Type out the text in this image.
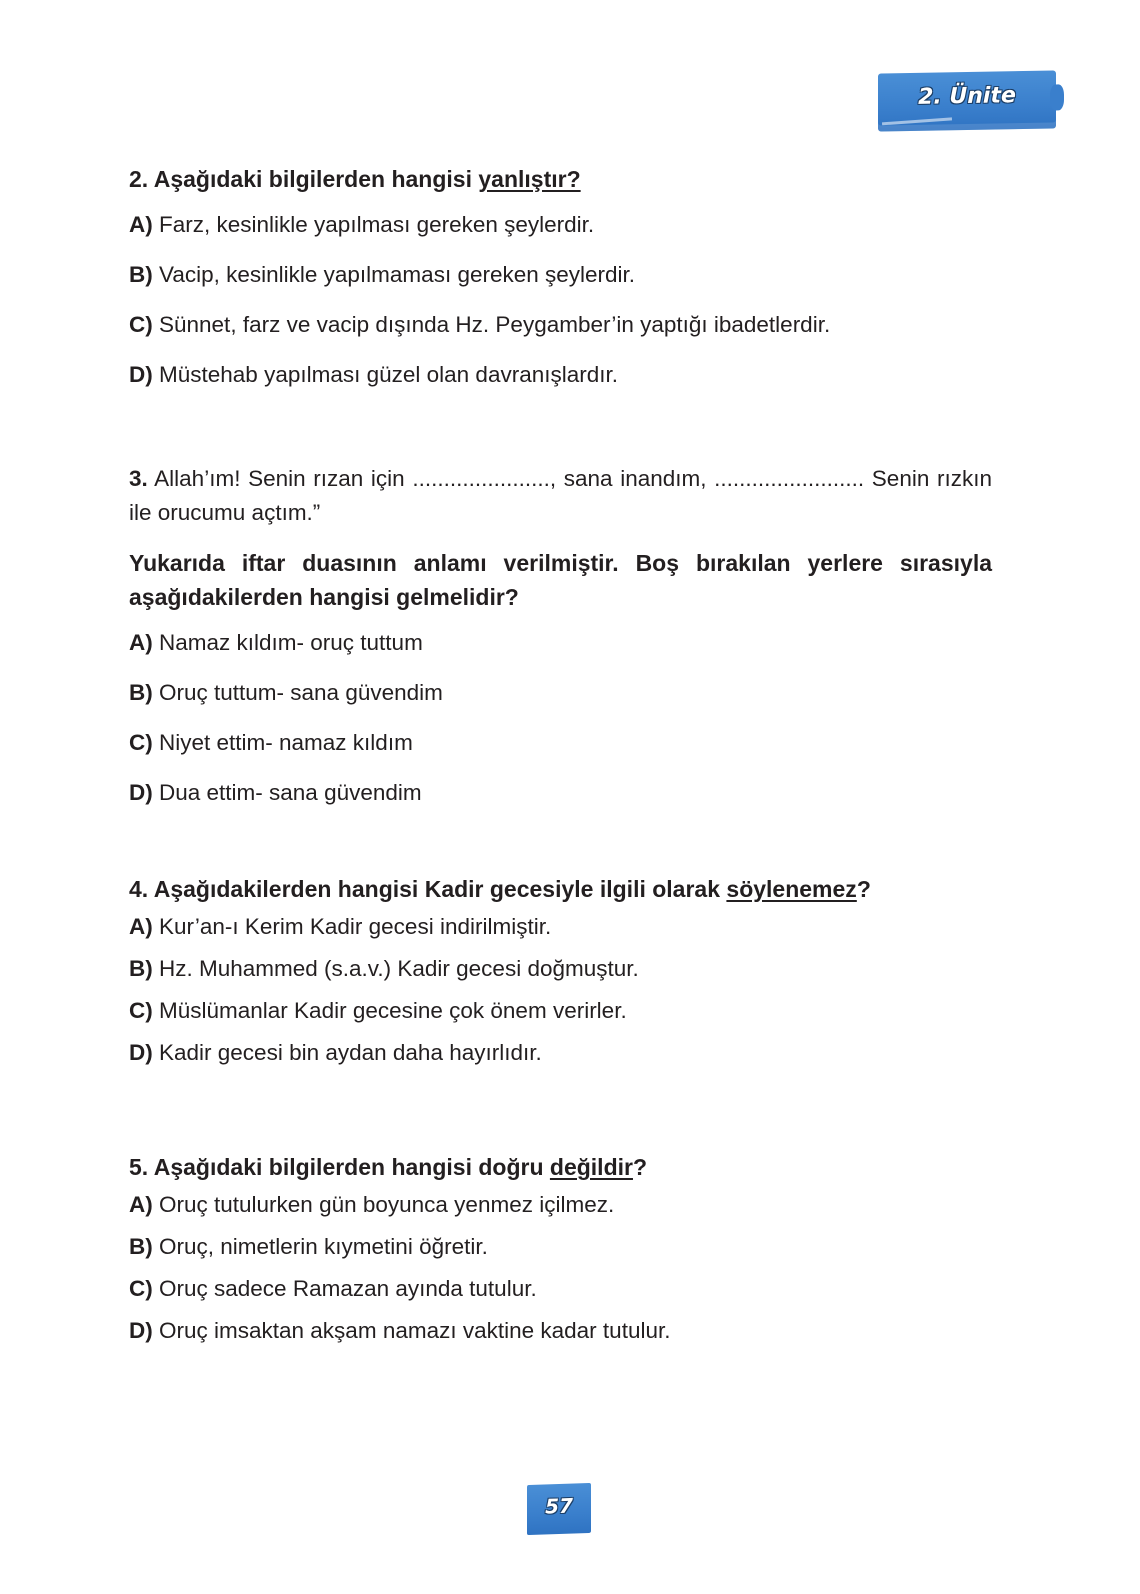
2. Ünite

2. Aşağıdaki bilgilerden hangisi yanlıştır?

A) Farz, kesinlikle yapılması gereken şeylerdir.

B) Vacip, kesinlikle yapılmaması gereken şeylerdir.

C) Sünnet, farz ve vacip dışında Hz. Peygamber’in yaptığı ibadetlerdir.

D) Müstehab yapılması güzel olan davranışlardır.

3. Allah’ım! Senin rızan için ......................, sana inandım, ........................ Senin rızkın ile orucumu açtım.”

Yukarıda iftar duasının anlamı verilmiştir. Boş bırakılan yerlere sırasıyla aşağıdakilerden hangisi gelmelidir?

A) Namaz kıldım- oruç tuttum

B) Oruç tuttum- sana güvendim

C) Niyet ettim- namaz kıldım

D) Dua ettim- sana güvendim

4. Aşağıdakilerden hangisi Kadir gecesiyle ilgili olarak söylenemez?

A) Kur’an-ı Kerim Kadir gecesi indirilmiştir.

B) Hz. Muhammed (s.a.v.) Kadir gecesi doğmuştur.

C) Müslümanlar Kadir gecesine çok önem verirler.

D) Kadir gecesi bin aydan daha hayırlıdır.

5. Aşağıdaki bilgilerden hangisi doğru değildir?

A) Oruç tutulurken gün boyunca yenmez içilmez.

B) Oruç, nimetlerin kıymetini öğretir.

C) Oruç sadece Ramazan ayında tutulur.

D) Oruç imsaktan akşam namazı vaktine kadar tutulur.

57
